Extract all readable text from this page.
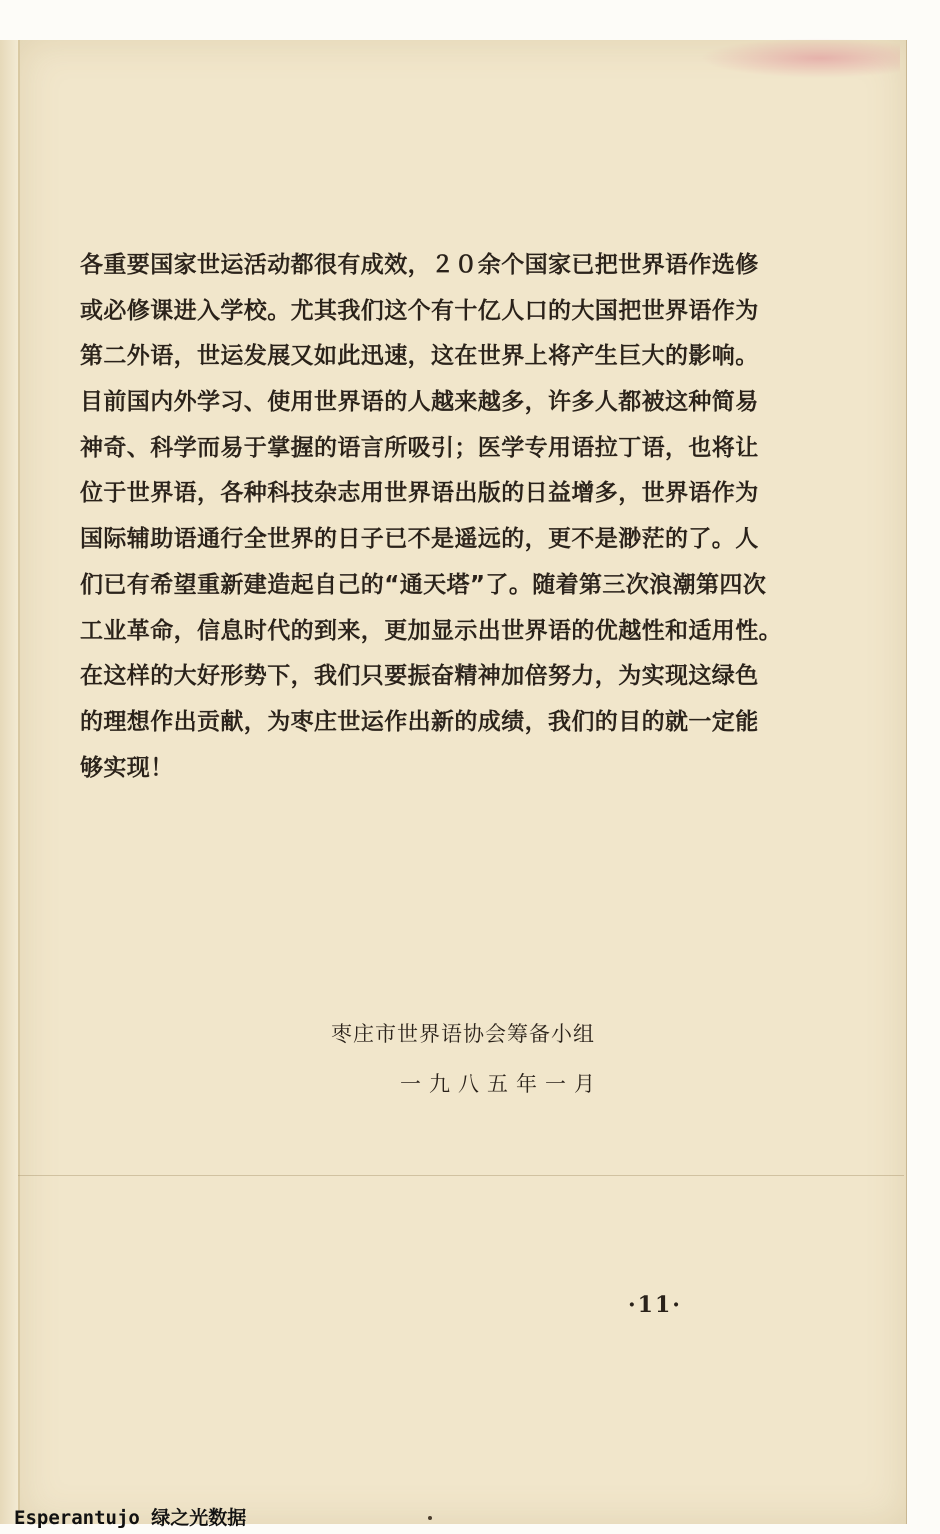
各重要国家世运活动都很有成效，２０余个国家已把世界语作选修
或必修课进入学校。尤其我们这个有十亿人口的大国把世界语作为
第二外语，世运发展又如此迅速，这在世界上将产生巨大的影响。
目前国内外学习、使用世界语的人越来越多，许多人都被这种简易
神奇、科学而易于掌握的语言所吸引；医学专用语拉丁语，也将让
位于世界语，各种科技杂志用世界语出版的日益增多，世界语作为
国际辅助语通行全世界的日子已不是遥远的，更不是渺茫的了。人
们已有希望重新建造起自己的“通天塔”了。随着第三次浪潮第四次
工业革命，信息时代的到来，更加显示出世界语的优越性和适用性。
在这样的大好形势下，我们只要振奋精神加倍努力，为实现这绿色
的理想作出贡献，为枣庄世运作出新的成绩，我们的目的就一定能
够实现！
枣庄市世界语协会筹备小组
一九八五年一月
·11·
Esperantujo 绿之光数据
